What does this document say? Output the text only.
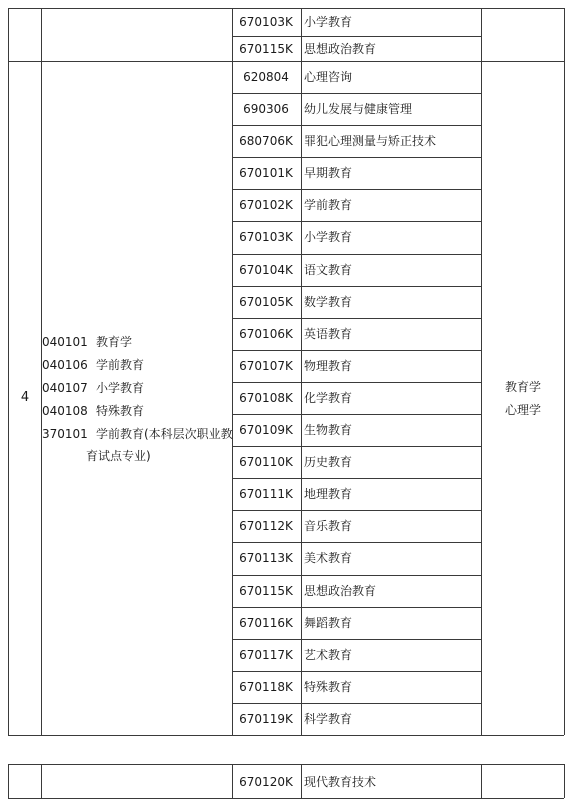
670103K 小学教育
670115K 思想政治教育
4
040101 教育学
040106 学前教育
040107 小学教育
040108 特殊教育
370101 学前教育(本科层次职业教
育试点专业)
620804	心理咨询
690306	幼儿发展与健康管理
680706K 罪犯心理测量与矫正技术
670101K 早期教育
670102K 学前教育
670103K 小学教育
670104K 语文教育
670105K 数学教育
670106K 英语教育
670107K 物理教育
670108K 化学教育
670109K 生物教育
670110K 历史教育
670111K 地理教育
670112K 音乐教育
670113K 美术教育
670115K 思想政治教育
670116K 舞蹈教育
670117K 艺术教育
670118K 特殊教育
670119K 科学教育
教育学
心理学
670120K 现代教育技术
